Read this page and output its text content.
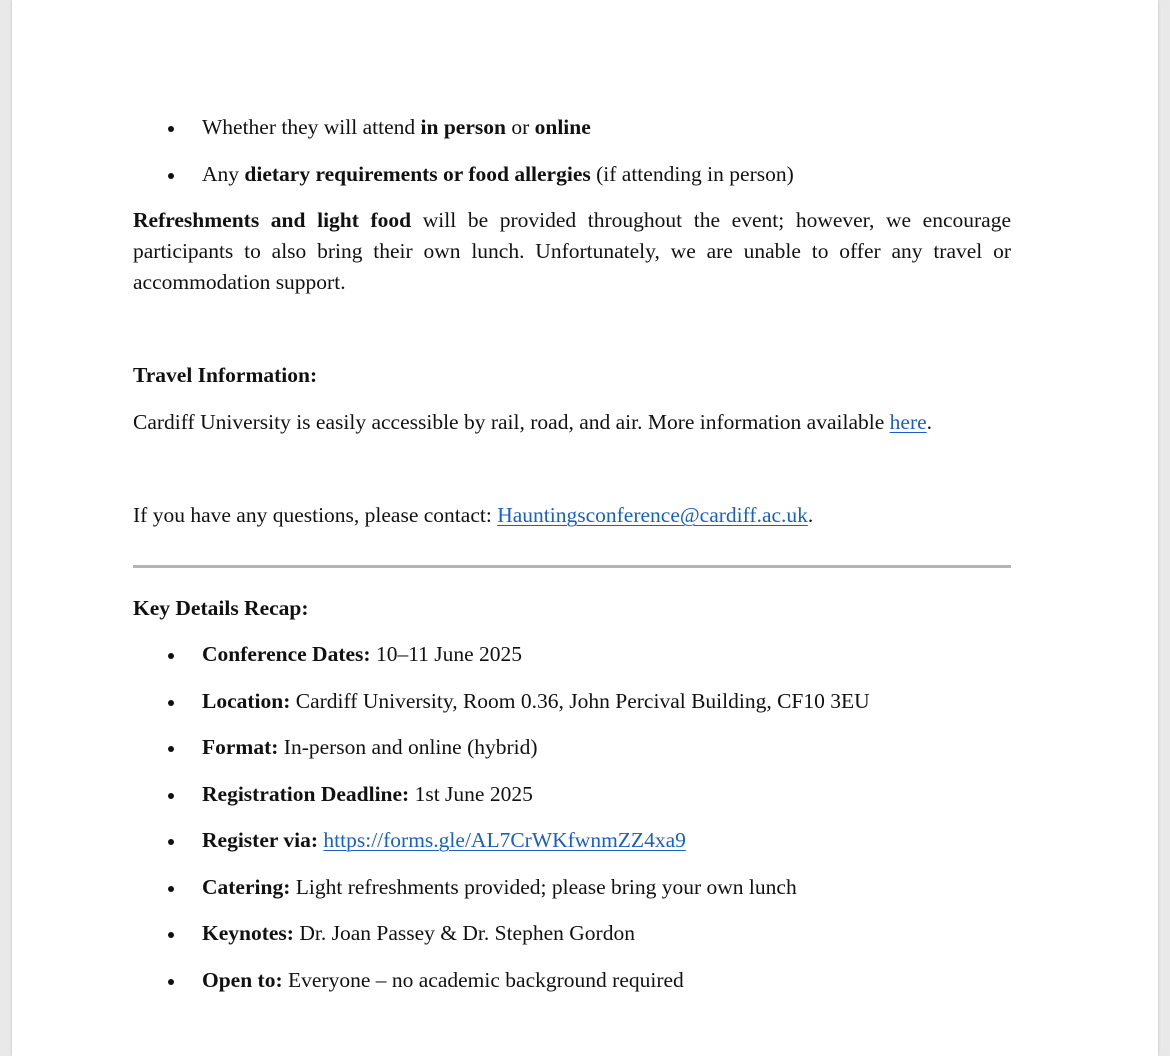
Whether they will attend in person or online
Any dietary requirements or food allergies (if attending in person)

Refreshments and light food will be provided throughout the event; however, we encourage participants to also bring their own lunch. Unfortunately, we are unable to offer any travel or accommodation support.

Travel Information:

Cardiff University is easily accessible by rail, road, and air. More information available here.

If you have any questions, please contact: Hauntingsconference@cardiff.ac.uk.

Key Details Recap:

Conference Dates: 10–11 June 2025
Location: Cardiff University, Room 0.36, John Percival Building, CF10 3EU
Format: In-person and online (hybrid)
Registration Deadline: 1st June 2025
Register via: https://forms.gle/AL7CrWKfwnmZZ4xa9
Catering: Light refreshments provided; please bring your own lunch
Keynotes: Dr. Joan Passey & Dr. Stephen Gordon
Open to: Everyone – no academic background required
